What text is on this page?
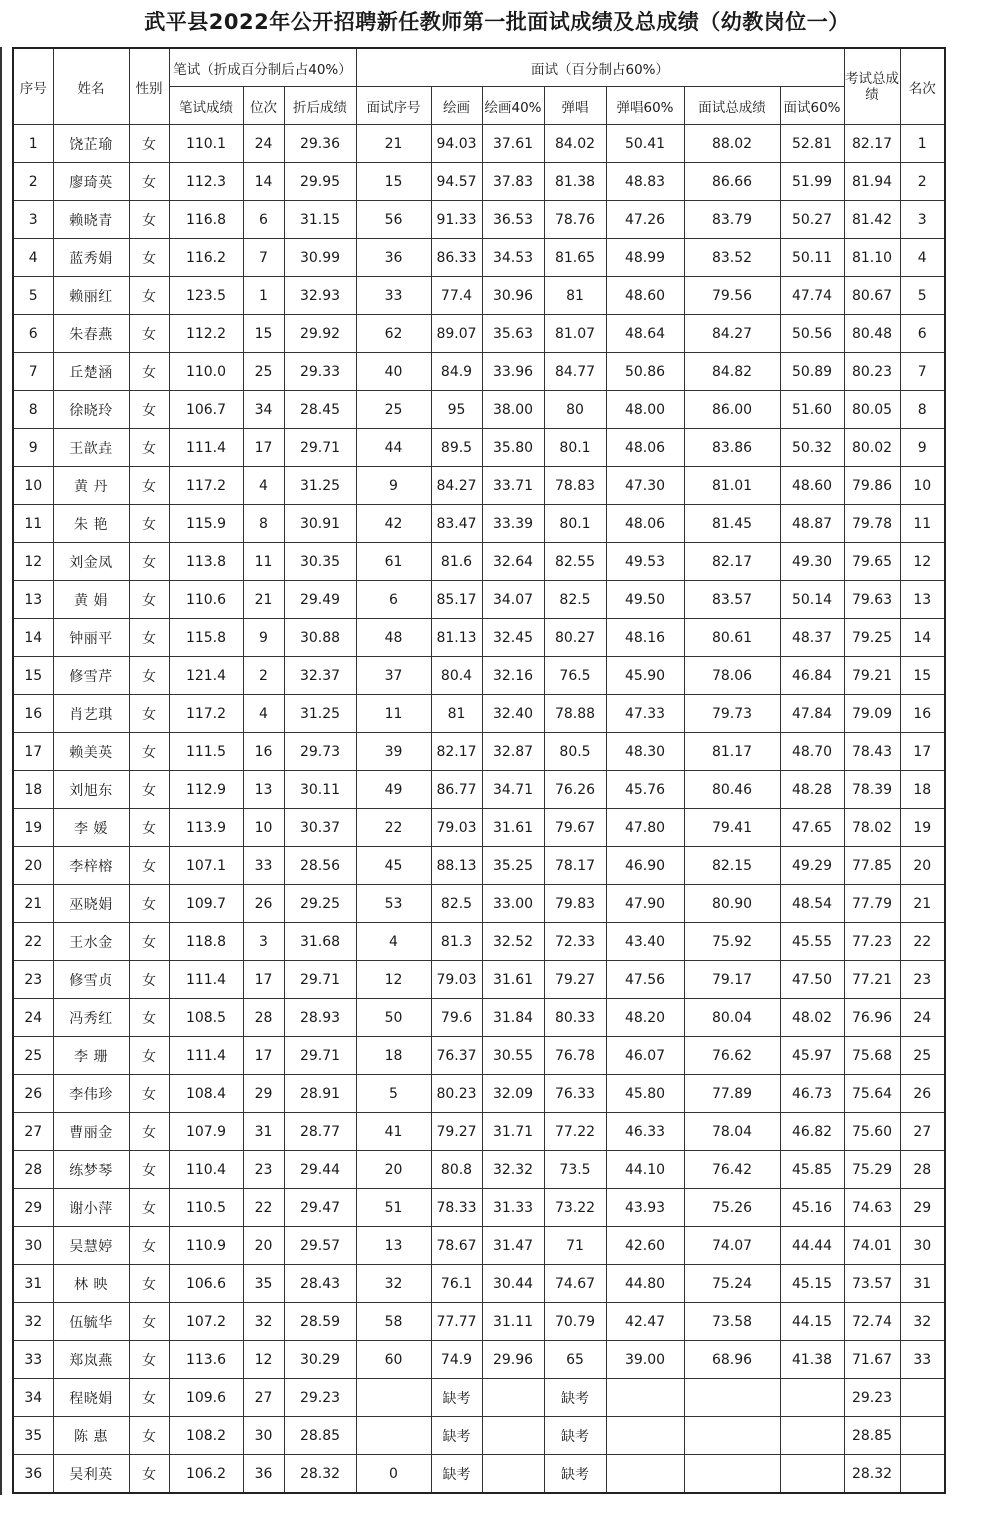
武平县2022年公开招聘新任教师第一批面试成绩及总成绩（幼教岗位一）
序号	姓名	性别	笔试（折成百分制后占40%）			面试（百分制占60%）							考试总成绩	名次
			笔试成绩	位次	折后成绩	面试序号	绘画	绘画40%	弹唱	弹唱60%	面试总成绩	面试60%		
1	饶芷瑜	女	110.1	24	29.36	21	94.03	37.61	84.02	50.41	88.02	52.81	82.17	1
2	廖琦英	女	112.3	14	29.95	15	94.57	37.83	81.38	48.83	86.66	51.99	81.94	2
3	赖晓青	女	116.8	6	31.15	56	91.33	36.53	78.76	47.26	83.79	50.27	81.42	3
4	蓝秀娟	女	116.2	7	30.99	36	86.33	34.53	81.65	48.99	83.52	50.11	81.10	4
5	赖丽红	女	123.5	1	32.93	33	77.4	30.96	81	48.60	79.56	47.74	80.67	5
6	朱春燕	女	112.2	15	29.92	62	89.07	35.63	81.07	48.64	84.27	50.56	80.48	6
7	丘楚涵	女	110.0	25	29.33	40	84.9	33.96	84.77	50.86	84.82	50.89	80.23	7
8	徐晓玲	女	106.7	34	28.45	25	95	38.00	80	48.00	86.00	51.60	80.05	8
9	王歆垚	女	111.4	17	29.71	44	89.5	35.80	80.1	48.06	83.86	50.32	80.02	9
10	黄 丹	女	117.2	4	31.25	9	84.27	33.71	78.83	47.30	81.01	48.60	79.86	10
11	朱 艳	女	115.9	8	30.91	42	83.47	33.39	80.1	48.06	81.45	48.87	79.78	11
12	刘金凤	女	113.8	11	30.35	61	81.6	32.64	82.55	49.53	82.17	49.30	79.65	12
13	黄 娟	女	110.6	21	29.49	6	85.17	34.07	82.5	49.50	83.57	50.14	79.63	13
14	钟丽平	女	115.8	9	30.88	48	81.13	32.45	80.27	48.16	80.61	48.37	79.25	14
15	修雪芹	女	121.4	2	32.37	37	80.4	32.16	76.5	45.90	78.06	46.84	79.21	15
16	肖艺琪	女	117.2	4	31.25	11	81	32.40	78.88	47.33	79.73	47.84	79.09	16
17	赖美英	女	111.5	16	29.73	39	82.17	32.87	80.5	48.30	81.17	48.70	78.43	17
18	刘旭东	女	112.9	13	30.11	49	86.77	34.71	76.26	45.76	80.46	48.28	78.39	18
19	李 媛	女	113.9	10	30.37	22	79.03	31.61	79.67	47.80	79.41	47.65	78.02	19
20	李梓榕	女	107.1	33	28.56	45	88.13	35.25	78.17	46.90	82.15	49.29	77.85	20
21	巫晓娟	女	109.7	26	29.25	53	82.5	33.00	79.83	47.90	80.90	48.54	77.79	21
22	王水金	女	118.8	3	31.68	4	81.3	32.52	72.33	43.40	75.92	45.55	77.23	22
23	修雪贞	女	111.4	17	29.71	12	79.03	31.61	79.27	47.56	79.17	47.50	77.21	23
24	冯秀红	女	108.5	28	28.93	50	79.6	31.84	80.33	48.20	80.04	48.02	76.96	24
25	李 珊	女	111.4	17	29.71	18	76.37	30.55	76.78	46.07	76.62	45.97	75.68	25
26	李伟珍	女	108.4	29	28.91	5	80.23	32.09	76.33	45.80	77.89	46.73	75.64	26
27	曹丽金	女	107.9	31	28.77	41	79.27	31.71	77.22	46.33	78.04	46.82	75.60	27
28	练梦琴	女	110.4	23	29.44	20	80.8	32.32	73.5	44.10	76.42	45.85	75.29	28
29	谢小萍	女	110.5	22	29.47	51	78.33	31.33	73.22	43.93	75.26	45.16	74.63	29
30	吴慧婷	女	110.9	20	29.57	13	78.67	31.47	71	42.60	74.07	44.44	74.01	30
31	林 映	女	106.6	35	28.43	32	76.1	30.44	74.67	44.80	75.24	45.15	73.57	31
32	伍毓华	女	107.2	32	28.59	58	77.77	31.11	70.79	42.47	73.58	44.15	72.74	32
33	郑岚燕	女	113.6	12	30.29	60	74.9	29.96	65	39.00	68.96	41.38	71.67	33
34	程晓娟	女	109.6	27	29.23		缺考		缺考				29.23	
35	陈 惠	女	108.2	30	28.85		缺考		缺考				28.85	
36	吴利英	女	106.2	36	28.32	0	缺考		缺考				28.32	
